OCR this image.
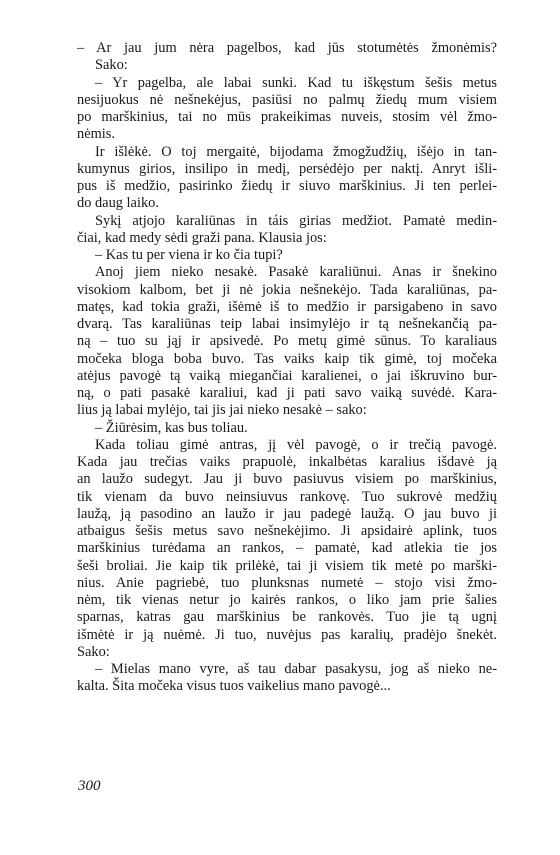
– Ar jau jum nėra pagelbos, kad jūs stotumėtės žmonėmis?
Sako:
– Yr pagelba, ale labai sunki. Kad tu iškęstum šešis metus
nesijuokus nė nešnekėjus, pasiūsi no palmų žiedų mum visiem
po marškinius, tai no mūs prakeikimas nuveis, stosim vėl žmo-
nėmis.
Ir išlėkė. O toj mergaitė, bijodama žmogžudžių, išėjo in tan-
kumynus girios, insilipo in medį, persėdėjo per naktį. Anryt išli-
pus iš medžio, pasirinko žiedų ir siuvo marškinius. Ji ten perlei-
do daug laiko.
Sykį atjojo karaliūnas in táis girias medžiot. Pamatė medin-
čiai, kad medy sėdi graži pana. Klausia jos:
– Kas tu per viena ir ko čia tupi?
Anoj jiem nieko nesakė. Pasakė karaliūnui. Anas ir šnekino
visokiom kalbom, bet ji nė jokia nešnekėjo. Tada karaliūnas, pa-
matęs, kad tokia graži, išėmė iš to medžio ir parsigabeno in savo
dvarą. Tas karaliūnas teip labai insimylėjo ir tą nešnekančią pa-
ną – tuo su jąj ir apsivedė. Po metų gimė sūnus. To karaliaus
močeka bloga boba buvo. Tas vaiks kaip tik gimė, toj močeka
atėjus pavogė tą vaiką miegančiai karalienei, o jai iškruvino bur-
ną, o pati pasakė karaliui, kad ji pati savo vaiką suvėdė. Kara-
lius ją labai mylėjo, tai jis jai nieko nesakė – sako:
– Žiūrėsim, kas bus toliau.
Kada toliau gimė antras, jį vėl pavogė, o ir trečią pavogė.
Kada jau trečias vaiks prapuolė, inkalbėtas karalius išdavė ją
an laužo sudegyt. Jau ji buvo pasiuvus visiem po marškinius,
tik vienam da buvo neinsiuvus rankovę. Tuo sukrovė medžių
laužą, ją pasodino an laužo ir jau padegė laužą. O jau buvo ji
atbaigus šešis metus savo nešnekėjimo. Ji apsidairė aplink, tuos
marškinius turėdama an rankos, – pamatė, kad atlekia tie jos
šeši broliai. Jie kaip tik prilėkė, tai ji visiem tik metė po marški-
nius. Anie pagriebė, tuo plunksnas numetė – stojo visi žmo-
nėm, tik vienas netur jo kairės rankos, o liko jam prie šalies
sparnas, katras gau marškinius be rankovės. Tuo jie tą ugnį
išmėtė ir ją nuėmė. Ji tuo, nuvėjus pas karalių, pradėjo šnekėt.
Sako:
– Mielas mano vyre, aš tau dabar pasakysu, jog aš nieko ne-
kalta. Šita močeka visus tuos vaikelius mano pavogė...
300
